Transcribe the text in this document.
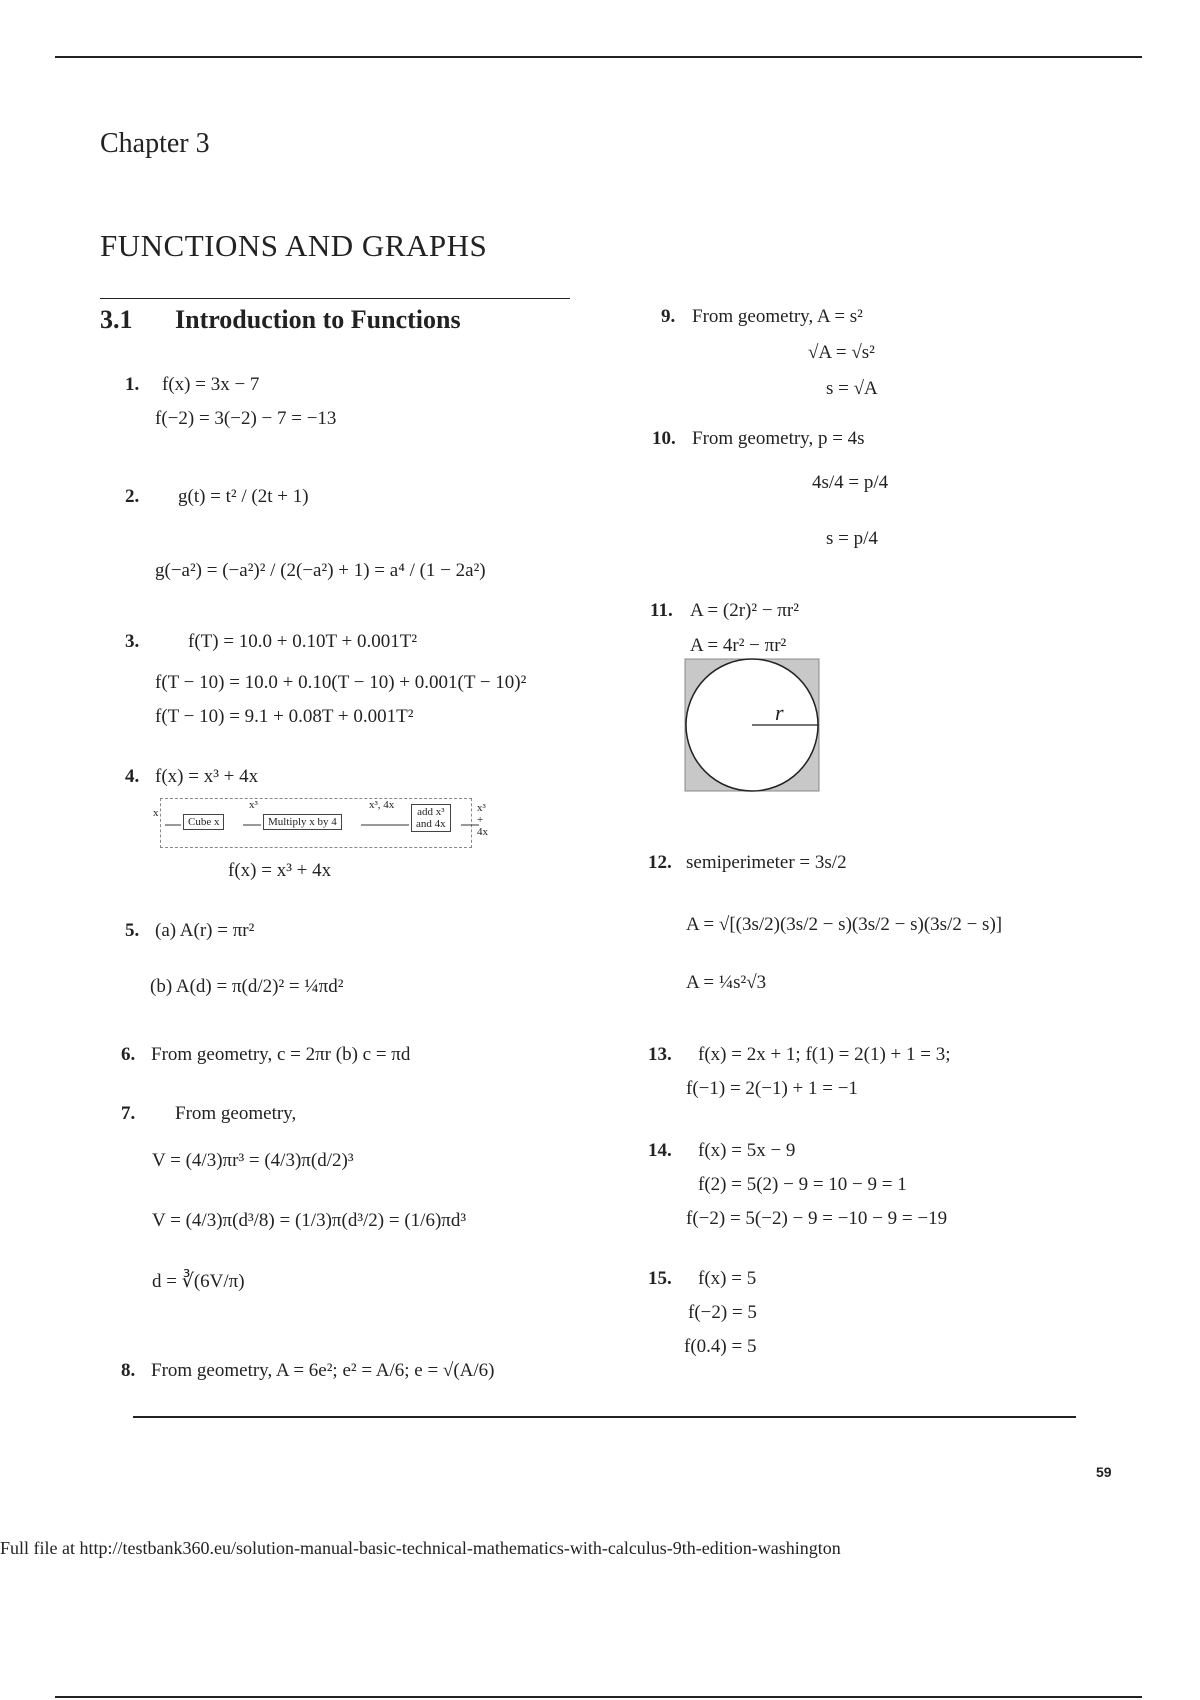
Chapter 3
FUNCTIONS AND GRAPHS
3.1 Introduction to Functions
1. f(x) = 3x − 7
f(−2) = 3(−2) − 7 = −13
2. g(t) = t² / (2t + 1)
g(−a²) = (−a²)² / (2(−a²) + 1) = a⁴ / (1 − 2a²)
3.	f(T) = 10.0 + 0.10T + 0.001T²
f(T − 10) = 10.0 + 0.10(T − 10) + 0.001(T − 10)²
f(T − 10) = 9.1 + 0.08T + 0.001T²
4. f(x) = x³ + 4x
x
Cube x
x³
Multiply x by 4
x³, 4x
add x³
and 4x
x³ + 4x
f(x) = x³ + 4x
5. (a) A(r) = πr²
(b) A(d) = π(d/2)² = ¼πd²
6. From geometry, c = 2πr (b) c = πd
7. From geometry,
V = (4/3)πr³ = (4/3)π(d/2)³
V = (4/3)π(d³/8) = (1/3)π(d³/2) = (1/6)πd³
d = ∛(6V/π)
8. From geometry, A = 6e²; e² = A/6; e = √(A/6)
9. From geometry, A = s²
√A = √s²
s = √A
10. From geometry, p = 4s
4s/4 = p/4
s = p/4
11. A = (2r)² − πr²
A = 4r² − πr²
r
12. semiperimeter = 3s/2
A = √[(3s/2)(3s/2 − s)(3s/2 − s)(3s/2 − s)]
A = ¼s²√3
13. f(x) = 2x + 1; f(1) = 2(1) + 1 = 3;
f(−1) = 2(−1) + 1 = −1
14. f(x) = 5x − 9
f(2) = 5(2) − 9 = 10 − 9 = 1
f(−2) = 5(−2) − 9 = −10 − 9 = −19
15. f(x) = 5
f(−2) = 5
f(0.4) = 5
59
Full file at http://testbank360.eu/solution-manual-basic-technical-mathematics-with-calculus-9th-edition-washington
